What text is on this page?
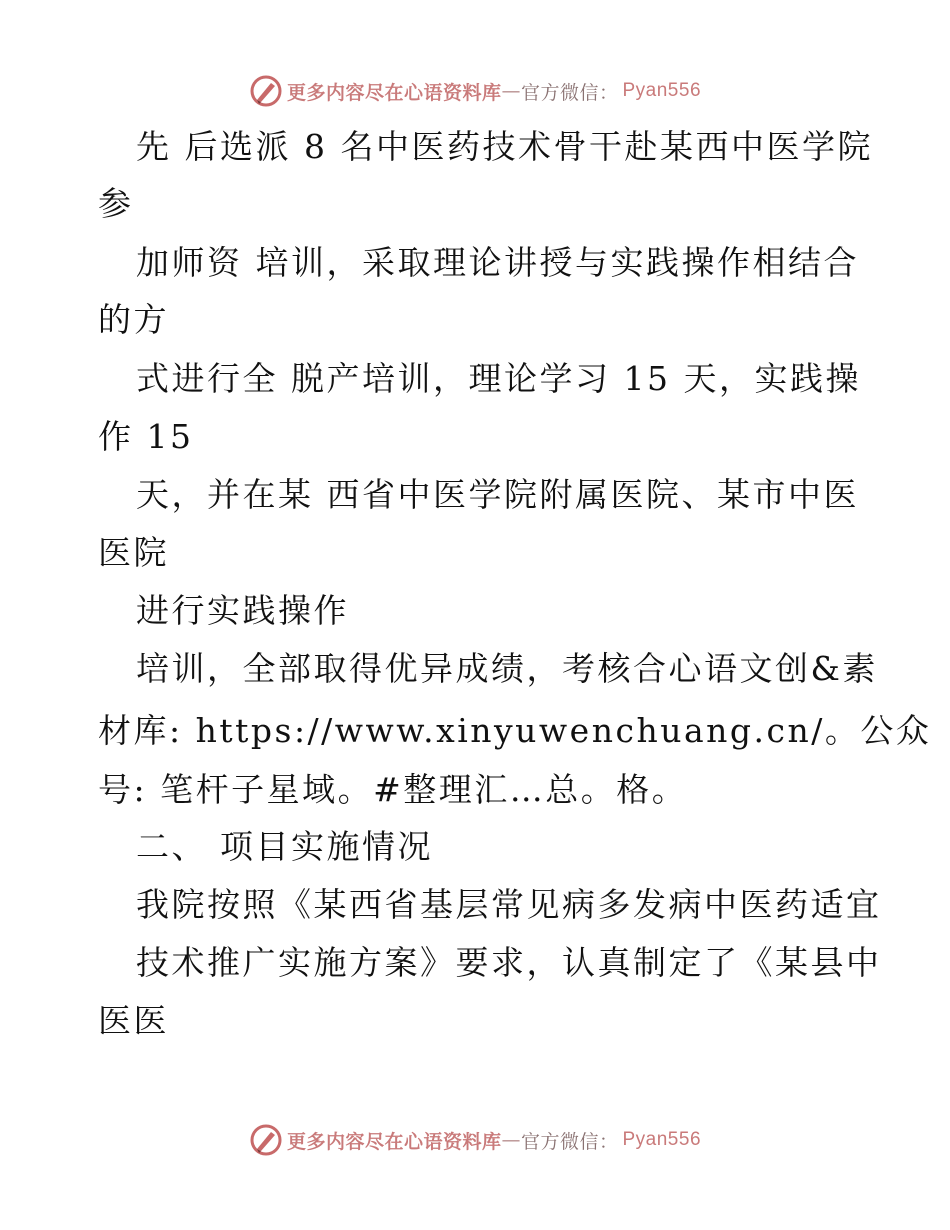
更多内容尽在心语资料库 — 官方微信： Pyan556
先 后选派 8 名中医药技术骨干赴某西中医学院
参
加师资 培训，采取理论讲授与实践操作相结合
的方
式进行全 脱产培训，理论学习 15 天，实践操
作 15
天，并在某 西省中医学院附属医院、某市中医
医院
进行实践操作
培训，全部取得优异成绩，考核合心语文创&素
材库: https://www.xinyuwenchuang.cn/。公众
号: 笔杆子星域。#整理汇…总。格。
二、 项目实施情况
我院按照《某西省基层常见病多发病中医药适宜
技术推广实施方案》要求，认真制定了《某县中
医医
更多内容尽在心语资料库 — 官方微信： Pyan556
